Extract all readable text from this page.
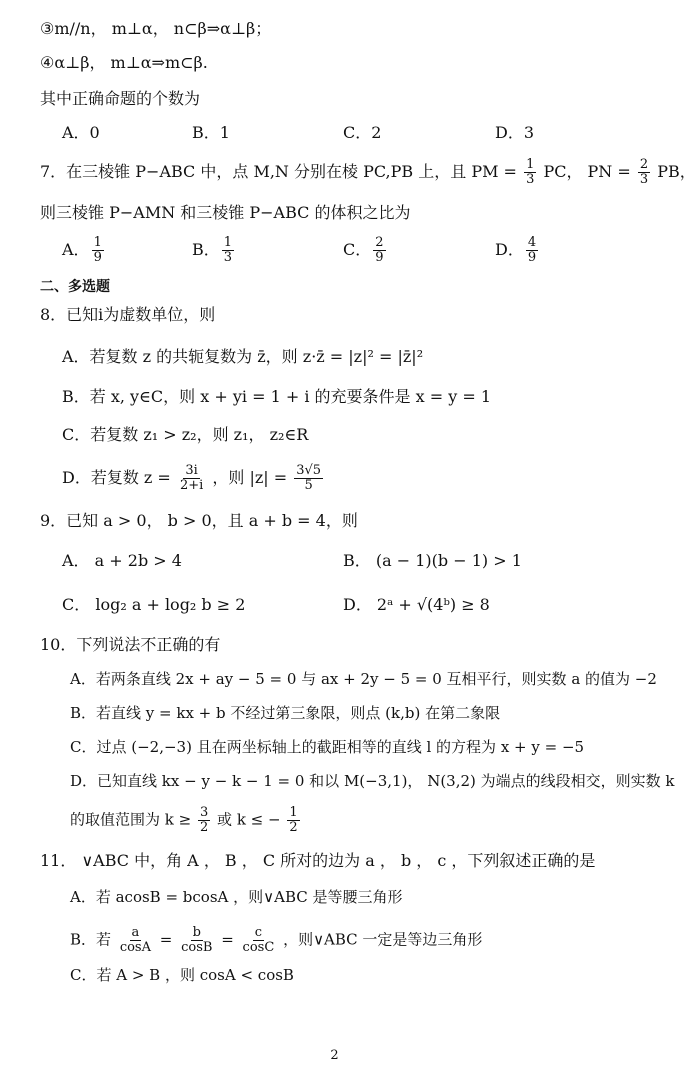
③m//n， m⊥α， n⊂β⇒α⊥β；
④α⊥β， m⊥α⇒m⊂β.
其中正确命题的个数为
A．0	B．1	C．2	D．3
7．在三棱锥 P−ABC 中，点 M,N 分别在棱 PC,PB 上，且 PM = $\frac{1}{3}$ PC， PN = $\frac{2}{3}$ PB，
则三棱锥 P−AMN 和三棱锥 P−ABC 的体积之比为
A． $\frac{1}{9}$	B． $\frac{1}{3}$	C． $\frac{2}{9}$	D． $\frac{4}{9}$
二、多选题
8．已知i为虚数单位，则
A．若复数 z 的共轭复数为 z̄，则 z·z̄ = |z|² = |z̄|²
B．若 x, y∈C，则 x + yi = 1 + i 的充要条件是 x = y = 1
C．若复数 z₁ > z₂，则 z₁， z₂∈R
D．若复数 $z = \frac{3i}{2+i}$ ，则 $|z| = \frac{3√5}{5}$
9．已知 a > 0， b > 0，且 a + b = 4，则
A． a + 2b > 4	B． (a − 1)(b − 1) > 1
C． log₂ a + log₂ b ≥ 2	D． 2ᵃ + √(4ᵇ) ≥ 8
10．下列说法不正确的有
A．若两条直线 2x + ay − 5 = 0 与 ax + 2y − 5 = 0 互相平行，则实数 a 的值为 −2
B．若直线 y = kx + b 不经过第三象限，则点 (k,b) 在第二象限
C．过点 (−2,−3) 且在两坐标轴上的截距相等的直线 l 的方程为 x + y = −5
D．已知直线 kx − y − k − 1 = 0 和以 M(−3,1)， N(3,2) 为端点的线段相交，则实数 k
的取值范围为 $k \ge \frac{3}{2}$ 或 k ≤ − $\frac{1}{2}$
11． ∨ABC 中，角 A ， B ， C 所对的边为 a ， b ， c ，下列叙述正确的是
A．若 acosB = bcosA ，则∨ABC 是等腰三角形
B．若 $\frac{a}{\cos A} = \frac{b}{\cos B} = \frac{c}{\cos C}$ ，则∨ABC 一定是等边三角形
C．若 A > B ，则 cosA < cosB
2
